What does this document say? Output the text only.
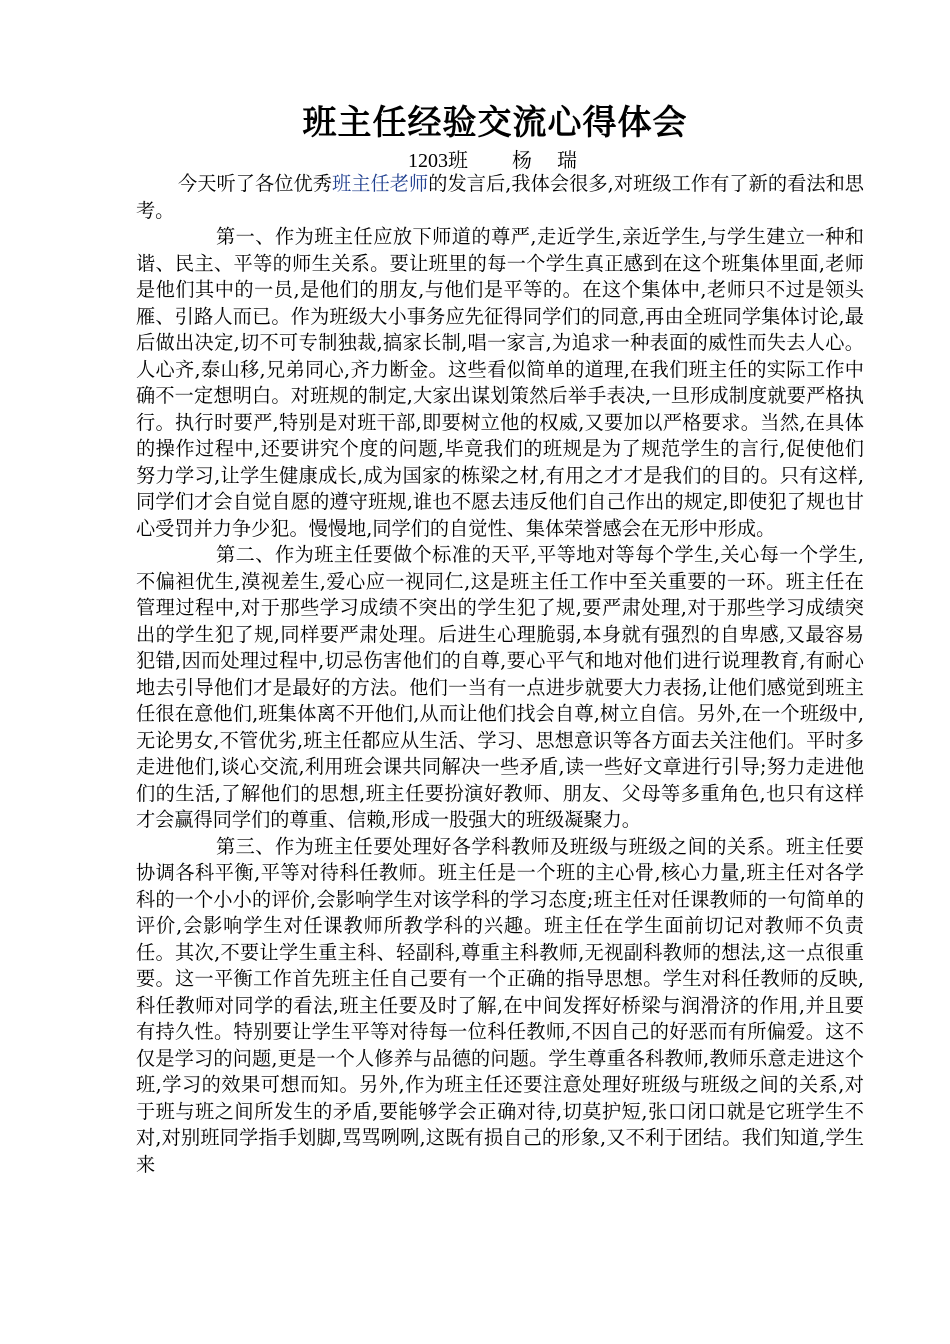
班主任经验交流心得体会
1203班 杨 瑞

今天听了各位优秀班主任老师的发言后,我体会很多,对班级工作有了新的看法和思考。

第一、作为班主任应放下师道的尊严,走近学生,亲近学生,与学生建立一种和谐、民主、平等的师生关系。要让班里的每一个学生真正感到在这个班集体里面,老师是他们其中的一员,是他们的朋友,与他们是平等的。在这个集体中,老师只不过是领头雁、引路人而已。作为班级大小事务应先征得同学们的同意,再由全班同学集体讨论,最后做出决定,切不可专制独裁,搞家长制,唱一家言,为追求一种表面的威性而失去人心。人心齐,泰山移,兄弟同心,齐力断金。这些看似简单的道理,在我们班主任的实际工作中确不一定想明白。对班规的制定,大家出谋划策然后举手表决,一旦形成制度就要严格执行。执行时要严,特别是对班干部,即要树立他的权威,又要加以严格要求。当然,在具体的操作过程中,还要讲究个度的问题,毕竟我们的班规是为了规范学生的言行,促使他们努力学习,让学生健康成长,成为国家的栋梁之材,有用之才才是我们的目的。只有这样,同学们才会自觉自愿的遵守班规,谁也不愿去违反他们自己作出的规定,即使犯了规也甘心受罚并力争少犯。慢慢地,同学们的自觉性、集体荣誉感会在无形中形成。

第二、作为班主任要做个标准的天平,平等地对等每个学生,关心每一个学生,不偏袒优生,漠视差生,爱心应一视同仁,这是班主任工作中至关重要的一环。班主任在管理过程中,对于那些学习成绩不突出的学生犯了规,要严肃处理,对于那些学习成绩突出的学生犯了规,同样要严肃处理。后进生心理脆弱,本身就有强烈的自卑感,又最容易犯错,因而处理过程中,切忌伤害他们的自尊,要心平气和地对他们进行说理教育,有耐心地去引导他们才是最好的方法。他们一当有一点进步就要大力表扬,让他们感觉到班主任很在意他们,班集体离不开他们,从而让他们找会自尊,树立自信。另外,在一个班级中,无论男女,不管优劣,班主任都应从生活、学习、思想意识等各方面去关注他们。平时多走进他们,谈心交流,利用班会课共同解决一些矛盾,读一些好文章进行引导;努力走进他们的生活,了解他们的思想,班主任要扮演好教师、朋友、父母等多重角色,也只有这样才会赢得同学们的尊重、信赖,形成一股强大的班级凝聚力。

第三、作为班主任要处理好各学科教师及班级与班级之间的关系。班主任要协调各科平衡,平等对待科任教师。班主任是一个班的主心骨,核心力量,班主任对各学科的一个小小的评价,会影响学生对该学科的学习态度;班主任对任课教师的一句简单的评价,会影响学生对任课教师所教学科的兴趣。班主任在学生面前切记对教师不负责任。其次,不要让学生重主科、轻副科,尊重主科教师,无视副科教师的想法,这一点很重要。这一平衡工作首先班主任自己要有一个正确的指导思想。学生对科任教师的反映,科任教师对同学的看法,班主任要及时了解,在中间发挥好桥梁与润滑济的作用,并且要有持久性。特别要让学生平等对待每一位科任教师,不因自己的好恶而有所偏爱。这不仅是学习的问题,更是一个人修养与品德的问题。学生尊重各科教师,教师乐意走进这个班,学习的效果可想而知。另外,作为班主任还要注意处理好班级与班级之间的关系,对于班与班之间所发生的矛盾,要能够学会正确对待,切莫护短,张口闭口就是它班学生不对,对别班同学指手划脚,骂骂咧咧,这既有损自己的形象,又不利于团结。我们知道,学生来
